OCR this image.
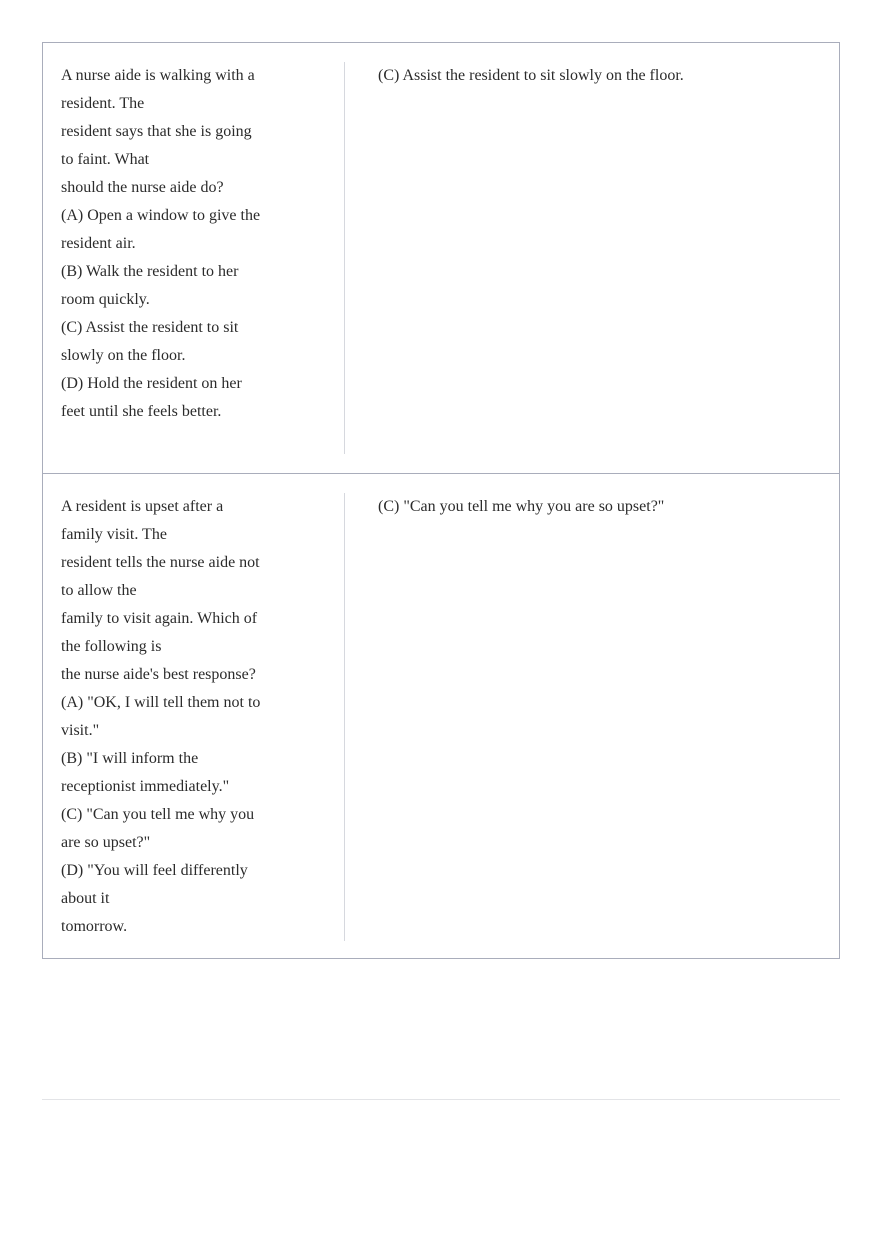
A nurse aide is walking with a
resident. The
resident says that she is going
to faint. What
should the nurse aide do?
(A) Open a window to give the
resident air.
(B) Walk the resident to her
room quickly.
(C) Assist the resident to sit
slowly on the floor.
(D) Hold the resident on her
feet until she feels better.
(C) Assist the resident to sit slowly on the floor.
A resident is upset after a
family visit. The
resident tells the nurse aide not
to allow the
family to visit again. Which of
the following is
the nurse aide's best response?
(A) "OK, I will tell them not to
visit."
(B) "I will inform the
receptionist immediately."
(C) "Can you tell me why you
are so upset?"
(D) "You will feel differently
about it
tomorrow.
(C) "Can you tell me why you are so upset?"
